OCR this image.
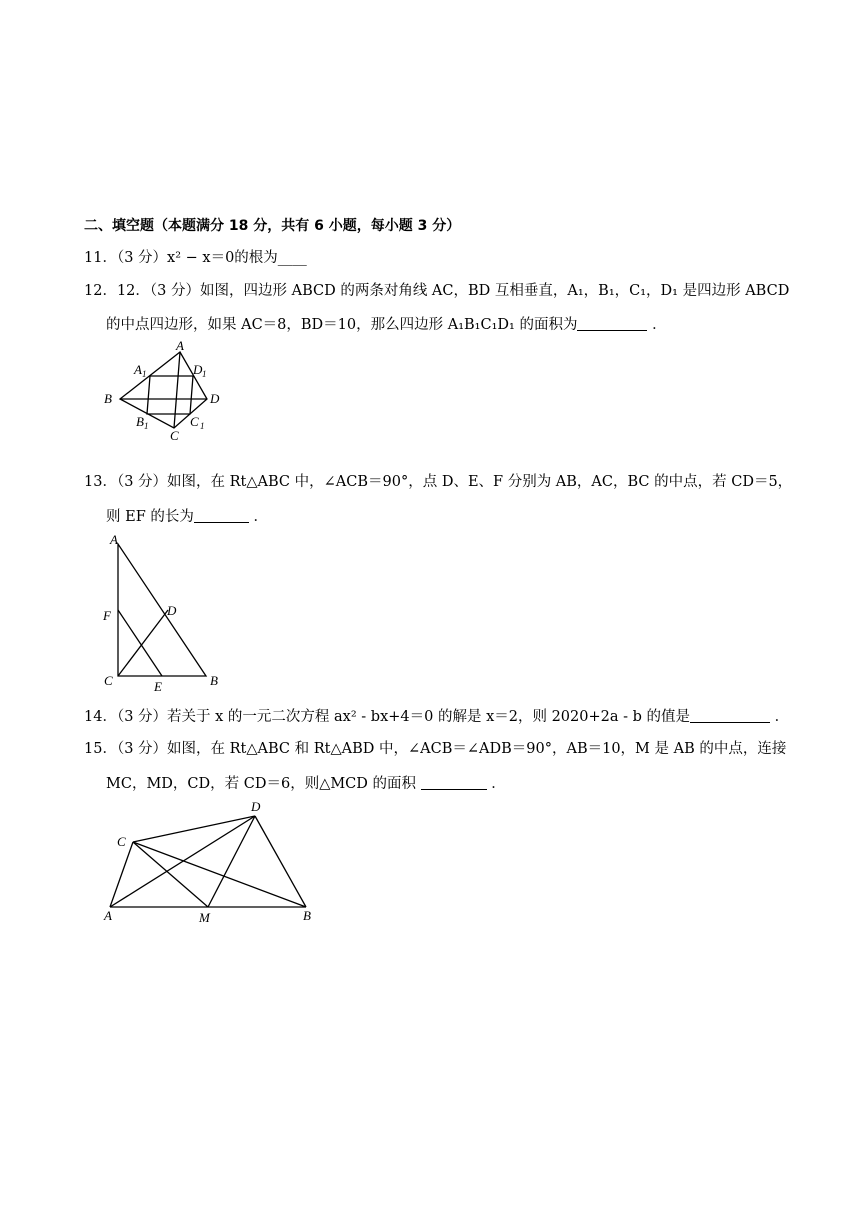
二、填空题（本题满分 18 分，共有 6 小题，每小题 3 分）
11．（3 分）x² − x＝0的根为____
12．12．（3 分）如图，四边形 ABCD 的两条对角线 AC，BD 互相垂直，A₁，B₁，C₁，D₁ 是四边形 ABCD
的中点四边形，如果 AC＝8，BD＝10，那么四边形 A₁B₁C₁D₁ 的面积为	．
A
A 1	D 1
B	D
B 1
C
C 1
13．（3 分）如图，在 Rt△ABC 中，∠ACB＝90°，点 D、E、F 分别为 AB，AC，BC 的中点，若 CD＝5，
则 EF 的长为	．
A
F	D
C	E	B
14．（3 分）若关于 x 的一元二次方程 ax² - bx+4＝0 的解是 x＝2，则 2020+2a - b 的值是	．
15．（3 分）如图，在 Rt△ABC 和 Rt△ABD 中，∠ACB＝∠ADB＝90°，AB＝10，M 是 AB 的中点，连接
MC，MD，CD，若 CD＝6，则△MCD 的面积	．
D
C
A	M	B
